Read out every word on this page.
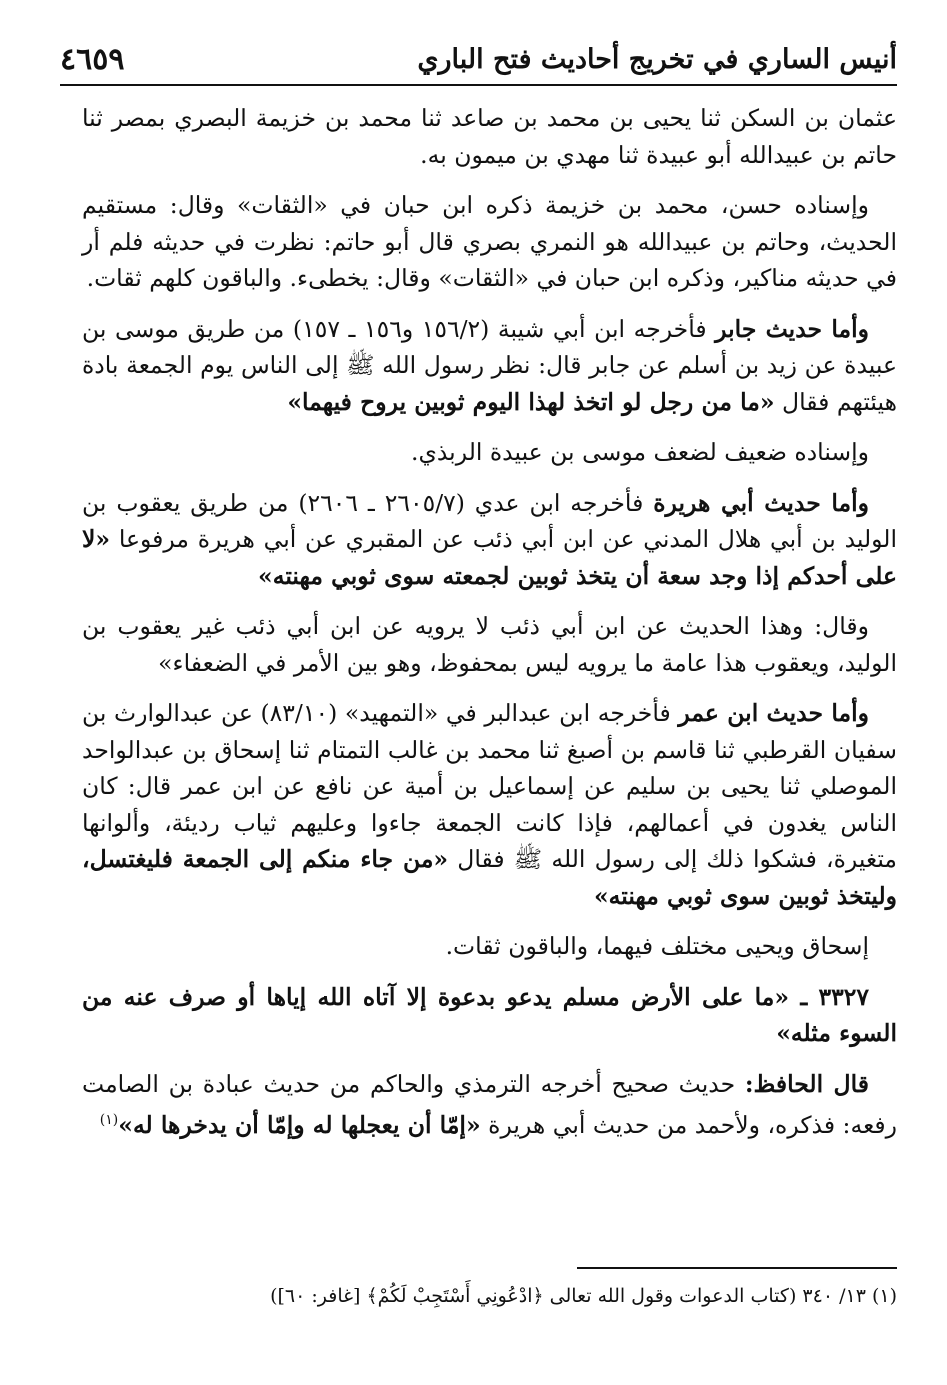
أنيس الساري في تخريج أحاديث فتح الباري
٤٦٥٩

عثمان بن السكن ثنا يحيى بن محمد بن صاعد ثنا محمد بن خزيمة البصري بمصر ثنا حاتم بن عبيدالله أبو عبيدة ثنا مهدي بن ميمون به.

وإسناده حسن، محمد بن خزيمة ذكره ابن حبان في «الثقات» وقال: مستقيم الحديث، وحاتم بن عبيدالله هو النمري بصري قال أبو حاتم: نظرت في حديثه فلم أر في حديثه مناكير، وذكره ابن حبان في «الثقات» وقال: يخطىء. والباقون كلهم ثقات.

وأما حديث جابر فأخرجه ابن أبي شيبة (١٥٦/٢ و١٥٦ ـ ١٥٧) من طريق موسى بن عبيدة عن زيد بن أسلم عن جابر قال: نظر رسول الله ﷺ إلى الناس يوم الجمعة بادة هيئتهم فقال «ما من رجل لو اتخذ لهذا اليوم ثوبين يروح فيهما»

وإسناده ضعيف لضعف موسى بن عبيدة الربذي.

وأما حديث أبي هريرة فأخرجه ابن عدي (٢٦٠٥/٧ ـ ٢٦٠٦) من طريق يعقوب بن الوليد بن أبي هلال المدني عن ابن أبي ذئب عن المقبري عن أبي هريرة مرفوعا «لا على أحدكم إذا وجد سعة أن يتخذ ثوبين لجمعته سوى ثوبي مهنته»

وقال: وهذا الحديث عن ابن أبي ذئب لا يرويه عن ابن أبي ذئب غير يعقوب بن الوليد، ويعقوب هذا عامة ما يرويه ليس بمحفوظ، وهو بين الأمر في الضعفاء»

وأما حديث ابن عمر فأخرجه ابن عبدالبر في «التمهيد» (٨٣/١٠) عن عبدالوارث بن سفيان القرطبي ثنا قاسم بن أصبغ ثنا محمد بن غالب التمتام ثنا إسحاق بن عبدالواحد الموصلي ثنا يحيى بن سليم عن إسماعيل بن أمية عن نافع عن ابن عمر قال: كان الناس يغدون في أعمالهم، فإذا كانت الجمعة جاءوا وعليهم ثياب رديئة، وألوانها متغيرة، فشكوا ذلك إلى رسول الله ﷺ فقال «من جاء منكم إلى الجمعة فليغتسل، وليتخذ ثوبين سوى ثوبي مهنته»

إسحاق ويحيى مختلف فيهما، والباقون ثقات.

٣٣٢٧ ـ «ما على الأرض مسلم يدعو بدعوة إلا آتاه الله إياها أو صرف عنه من السوء مثله»

قال الحافظ: حديث صحيح أخرجه الترمذي والحاكم من حديث عبادة بن الصامت رفعه: فذكره، ولأحمد من حديث أبي هريرة «إمّا أن يعجلها له وإمّا أن يدخرها له»$^{(١)}$

(١) ١٣/ ٣٤٠ (كتاب الدعوات وقول الله تعالى ﴿ادْعُونِي أَسْتَجِبْ لَكُمْ﴾ [غافر: ٦٠])
